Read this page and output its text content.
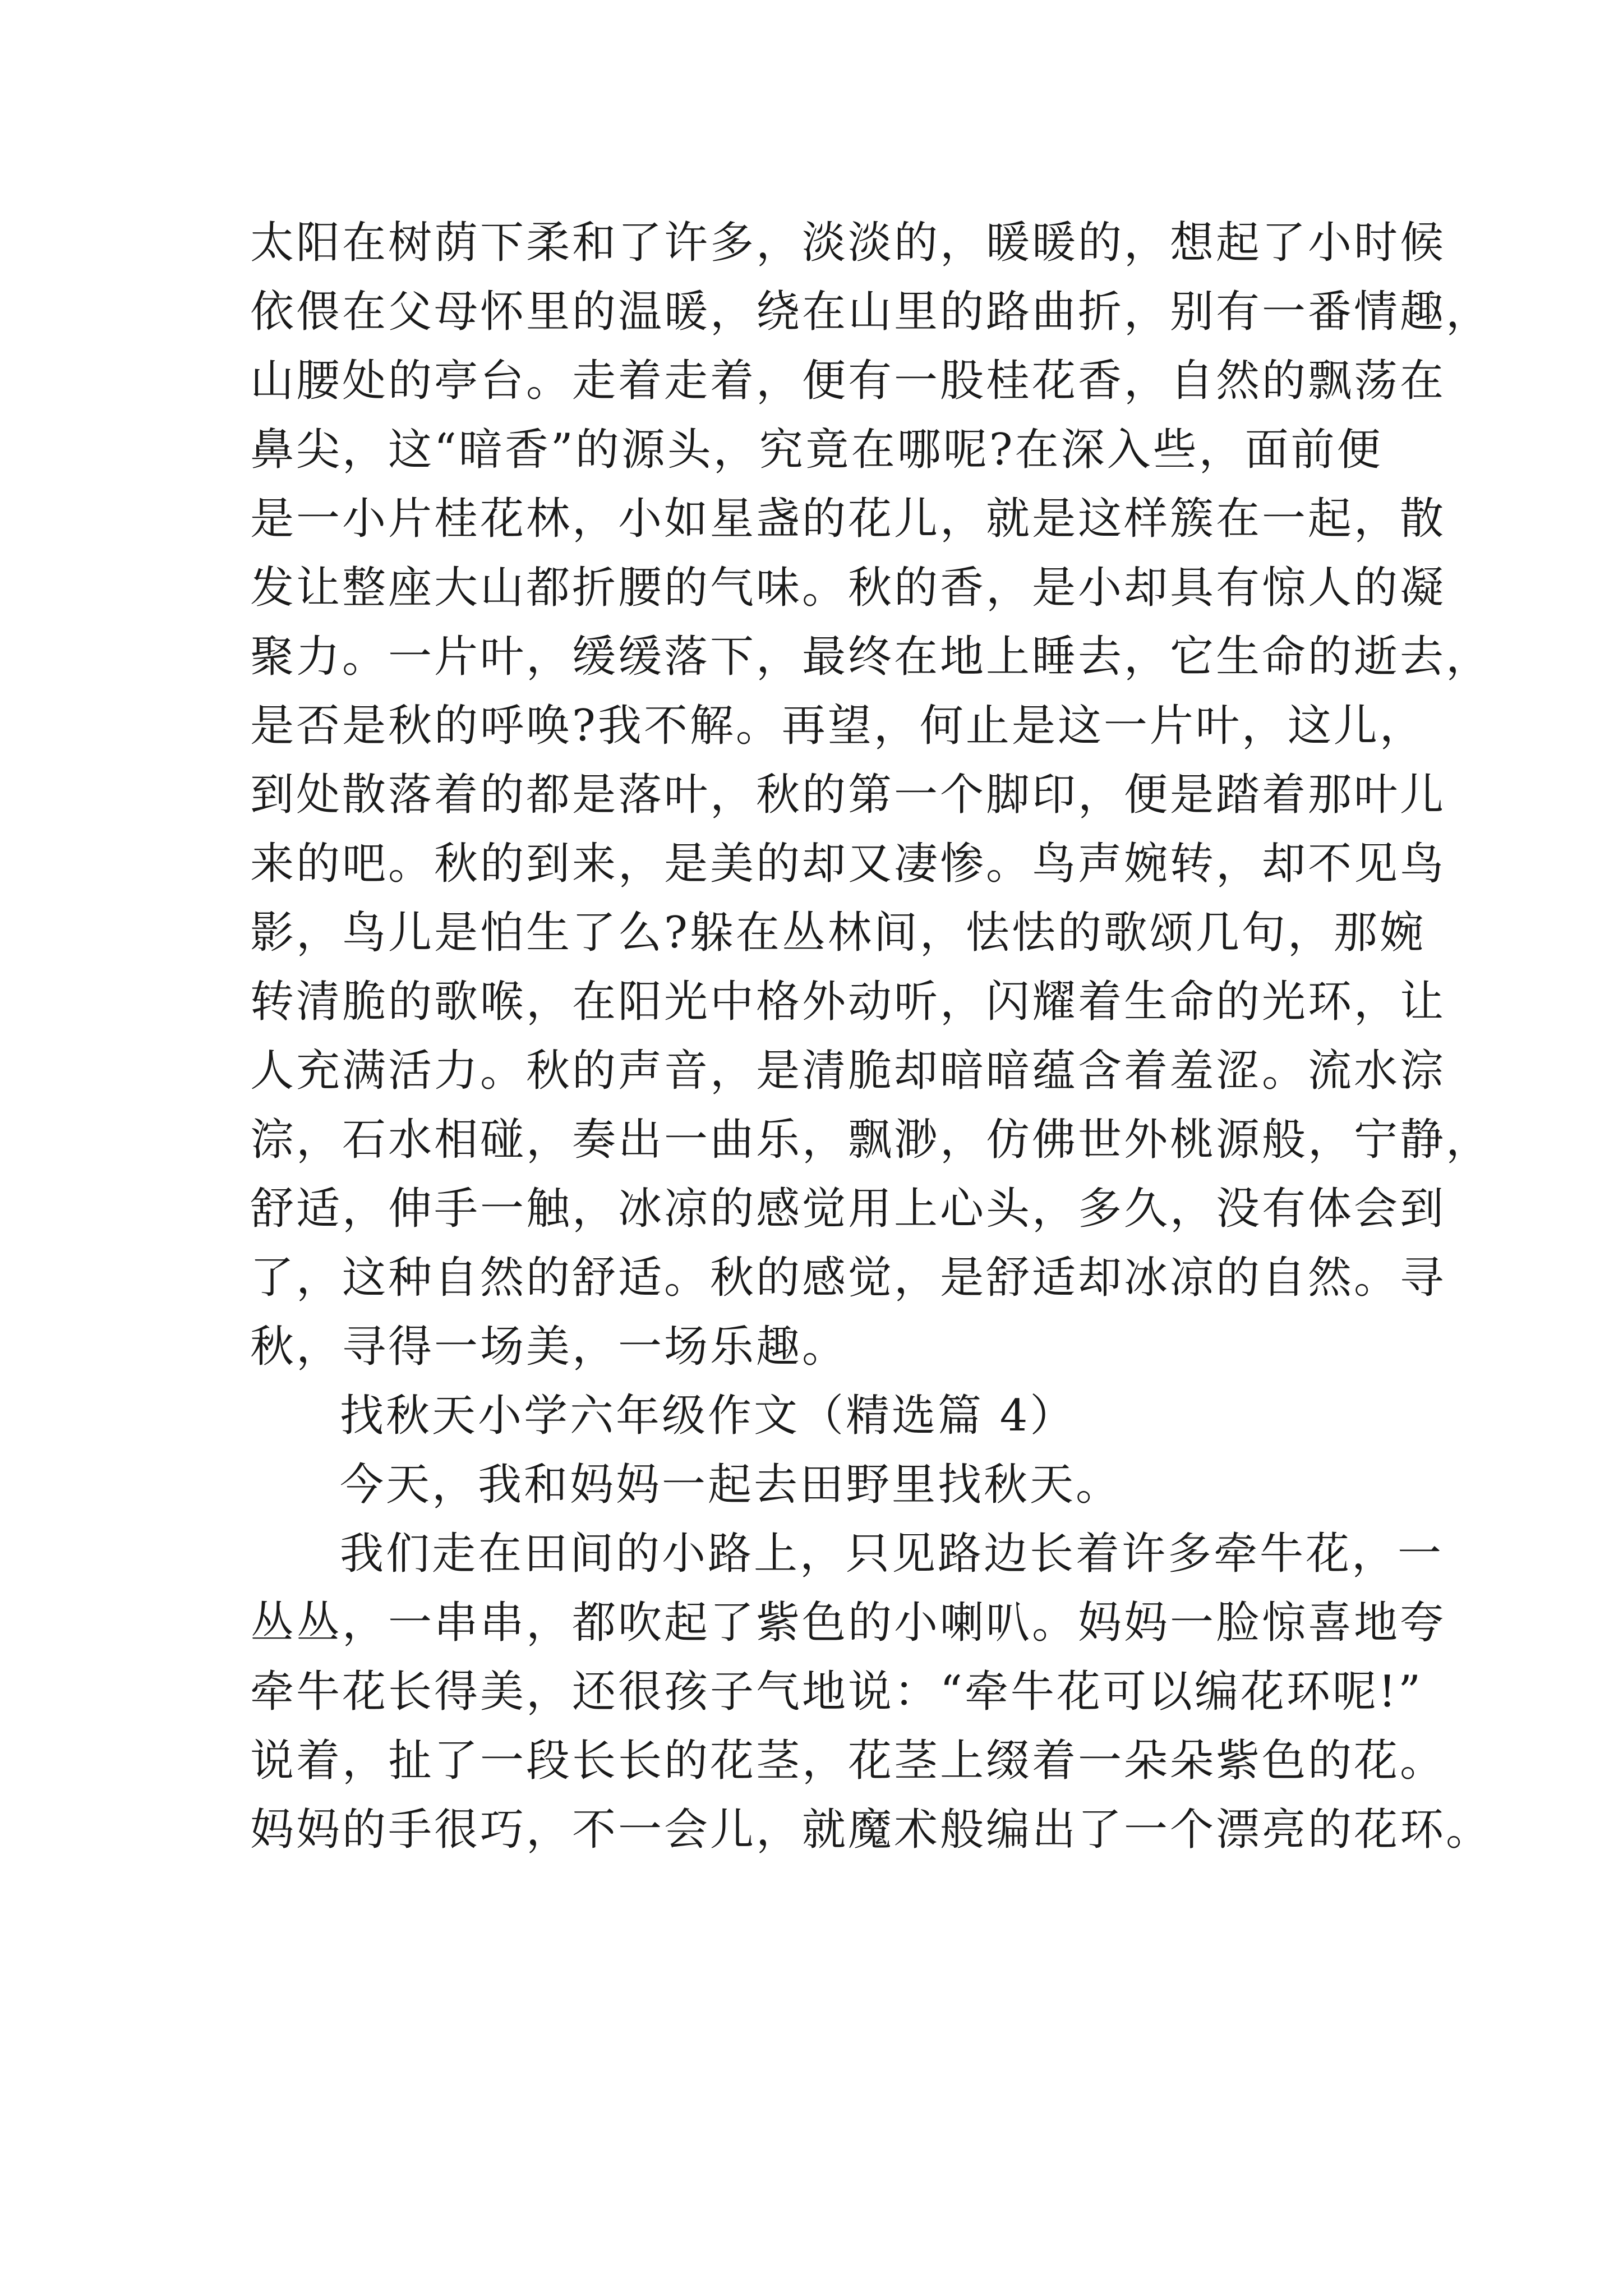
太阳在树荫下柔和了许多，淡淡的，暖暖的，想起了小时候
依偎在父母怀里的温暖，绕在山里的路曲折，别有一番情趣，
山腰处的亭台。走着走着，便有一股桂花香，自然的飘荡在
鼻尖，这“暗香”的源头，究竟在哪呢?在深入些，面前便
是一小片桂花林，小如星盏的花儿，就是这样簇在一起，散
发让整座大山都折腰的气味。秋的香，是小却具有惊人的凝
聚力。一片叶，缓缓落下，最终在地上睡去，它生命的逝去，
是否是秋的呼唤?我不解。再望，何止是这一片叶，这儿，
到处散落着的都是落叶，秋的第一个脚印，便是踏着那叶儿
来的吧。秋的到来，是美的却又凄惨。鸟声婉转，却不见鸟
影，鸟儿是怕生了么?躲在丛林间，怯怯的歌颂几句，那婉
转清脆的歌喉，在阳光中格外动听，闪耀着生命的光环，让
人充满活力。秋的声音，是清脆却暗暗蕴含着羞涩。流水淙
淙，石水相碰，奏出一曲乐，飘渺，仿佛世外桃源般，宁静，
舒适，伸手一触，冰凉的感觉用上心头，多久，没有体会到
了，这种自然的舒适。秋的感觉，是舒适却冰凉的自然。寻
秋，寻得一场美，一场乐趣。
找秋天小学六年级作文（精选篇 4）
今天，我和妈妈一起去田野里找秋天。
我们走在田间的小路上，只见路边长着许多牵牛花，一
丛丛，一串串，都吹起了紫色的小喇叭。妈妈一脸惊喜地夸
牵牛花长得美，还很孩子气地说：“牵牛花可以编花环呢!”
说着，扯了一段长长的花茎，花茎上缀着一朵朵紫色的花。
妈妈的手很巧，不一会儿，就魔术般编出了一个漂亮的花环。
